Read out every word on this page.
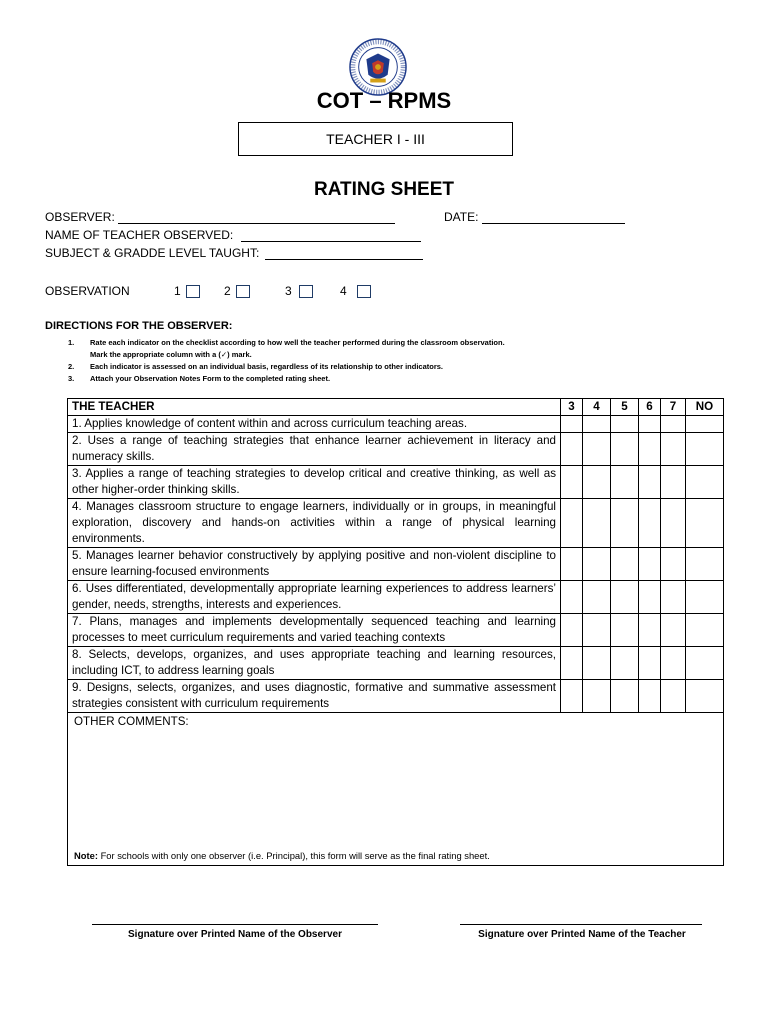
COT – RPMS
TEACHER I - III
RATING SHEET
OBSERVER:	DATE:
NAME OF TEACHER OBSERVED:
SUBJECT & GRADDE LEVEL TAUGHT:
OBSERVATION	1	2	3	4
DIRECTIONS FOR THE OBSERVER:
1. Rate each indicator on the checklist according to how well the teacher performed during the classroom observation.
Mark the appropriate column with a (✓) mark.
2. Each indicator is assessed on an individual basis, regardless of its relationship to other indicators.
3. Attach your Observation Notes Form to the completed rating sheet.
THE TEACHER	3	4	5	6	7	NO
1. Applies knowledge of content within and across curriculum teaching areas.						
2. Uses a range of teaching strategies that enhance learner achievement in literacy and numeracy skills.						
3. Applies a range of teaching strategies to develop critical and creative thinking, as well as other higher-order thinking skills.						
4. Manages classroom structure to engage learners, individually or in groups, in meaningful exploration, discovery and hands-on activities within a range of physical learning environments.						
5. Manages learner behavior constructively by applying positive and non-violent discipline to ensure learning-focused environments						
6. Uses differentiated, developmentally appropriate learning experiences to address learners’ gender, needs, strengths, interests and experiences.						
7. Plans, manages and implements developmentally sequenced teaching and learning processes to meet curriculum requirements and varied teaching contexts						
8. Selects, develops, organizes, and uses appropriate teaching and learning resources, including ICT, to address learning goals						
9. Designs, selects, organizes, and uses diagnostic, formative and summative assessment strategies consistent with curriculum requirements						

OTHER COMMENTS:
Note: For schools with only one observer (i.e. Principal), this form will serve as the final rating sheet.						
Signature over Printed Name of the Observer	Signature over Printed Name of the Teacher
